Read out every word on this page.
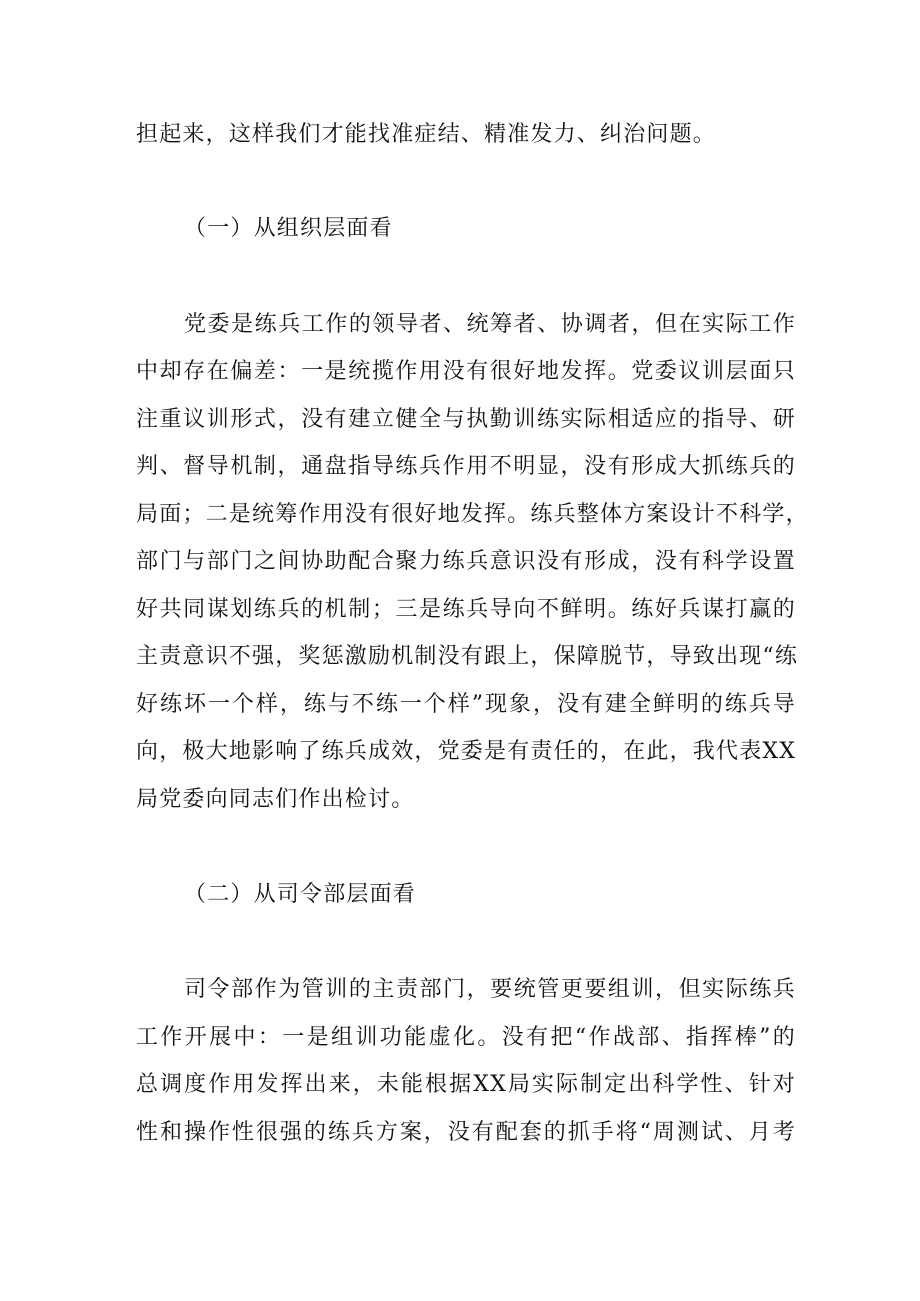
担起来，这样我们才能找准症结、精准发力、纠治问题。
（一）从组织层面看
党委是练兵工作的领导者、统筹者、协调者，但在实际工作
中却存在偏差：一是统揽作用没有很好地发挥。党委议训层面只
注重议训形式，没有建立健全与执勤训练实际相适应的指导、研
判、督导机制，通盘指导练兵作用不明显，没有形成大抓练兵的
局面；二是统筹作用没有很好地发挥。练兵整体方案设计不科学，
部门与部门之间协助配合聚力练兵意识没有形成，没有科学设置
好共同谋划练兵的机制；三是练兵导向不鲜明。练好兵谋打赢的
主责意识不强，奖惩激励机制没有跟上，保障脱节，导致出现“练
好练坏一个样，练与不练一个样”现象，没有建全鲜明的练兵导
向，极大地影响了练兵成效，党委是有责任的，在此，我代表XX
局党委向同志们作出检讨。
（二）从司令部层面看
司令部作为管训的主责部门，要统管更要组训，但实际练兵
工作开展中：一是组训功能虚化。没有把“作战部、指挥棒”的
总调度作用发挥出来，未能根据XX局实际制定出科学性、针对
性和操作性很强的练兵方案，没有配套的抓手将“周测试、月考
